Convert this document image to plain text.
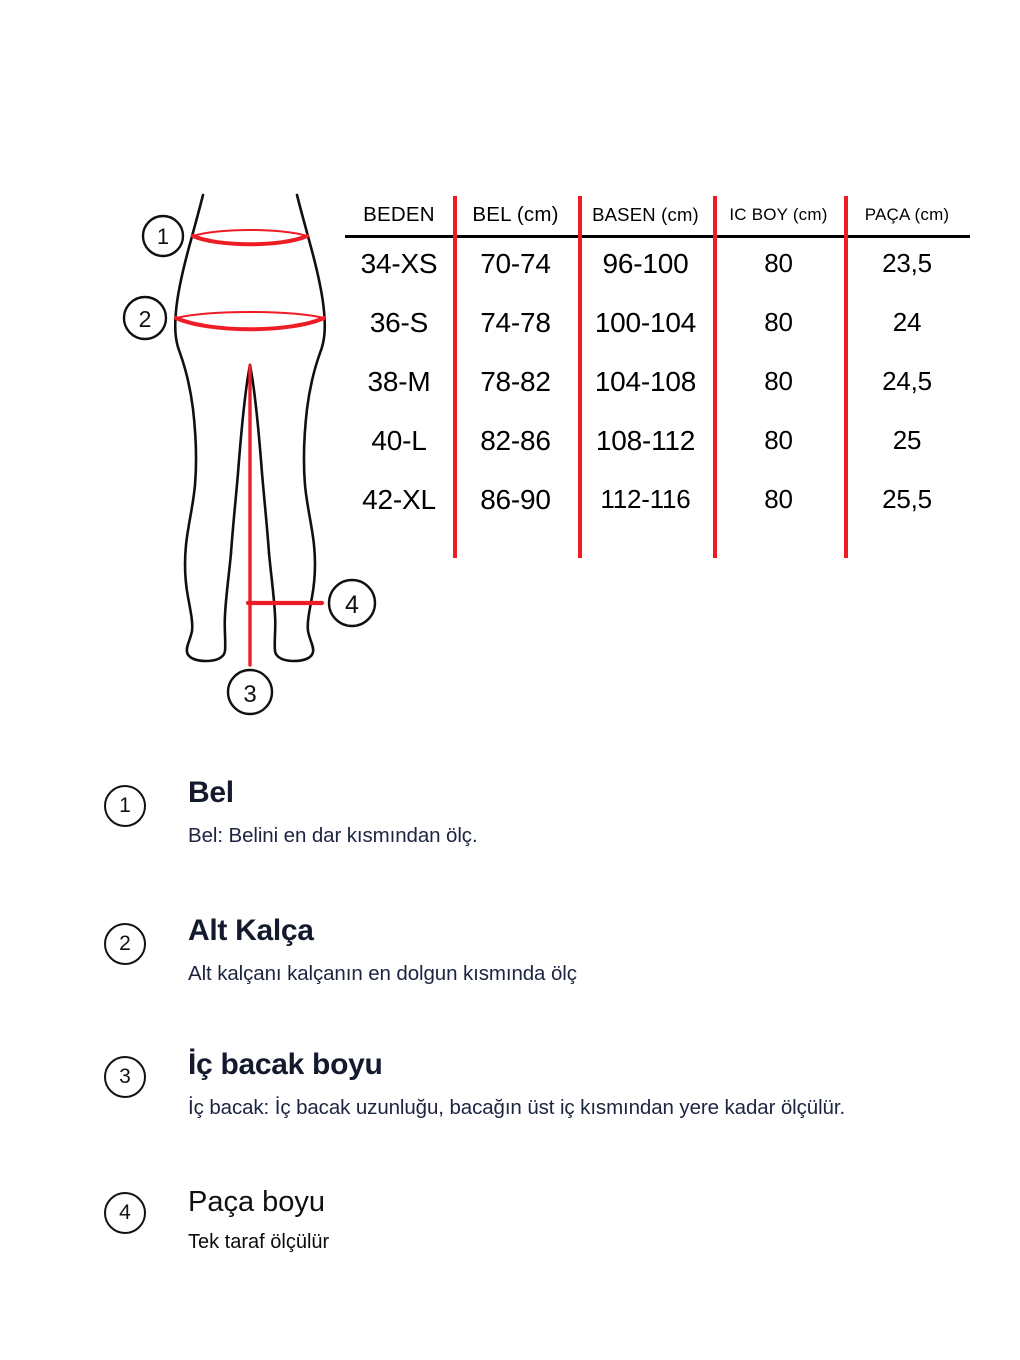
1
2
4
3
BEDEN	BEL (cm)	BASEN (cm)	IC BOY (cm)	PAÇA (cm)
34-XS	70-74	96-100	80	23,5
36-S	74-78	100-104	80	24
38-M	78-82	104-108	80	24,5
40-L	82-86	108-112	80	25
42-XL	86-90	112-116	80	25,5
1	Bel
Bel: Belini en dar kısmından ölç.
2	Alt Kalça
Alt kalçanı kalçanın en dolgun kısmında ölç
3	İç bacak boyu
İç bacak: İç bacak uzunluğu, bacağın üst iç kısmından yere kadar ölçülür.
4	Paça boyu
Tek taraf ölçülür
